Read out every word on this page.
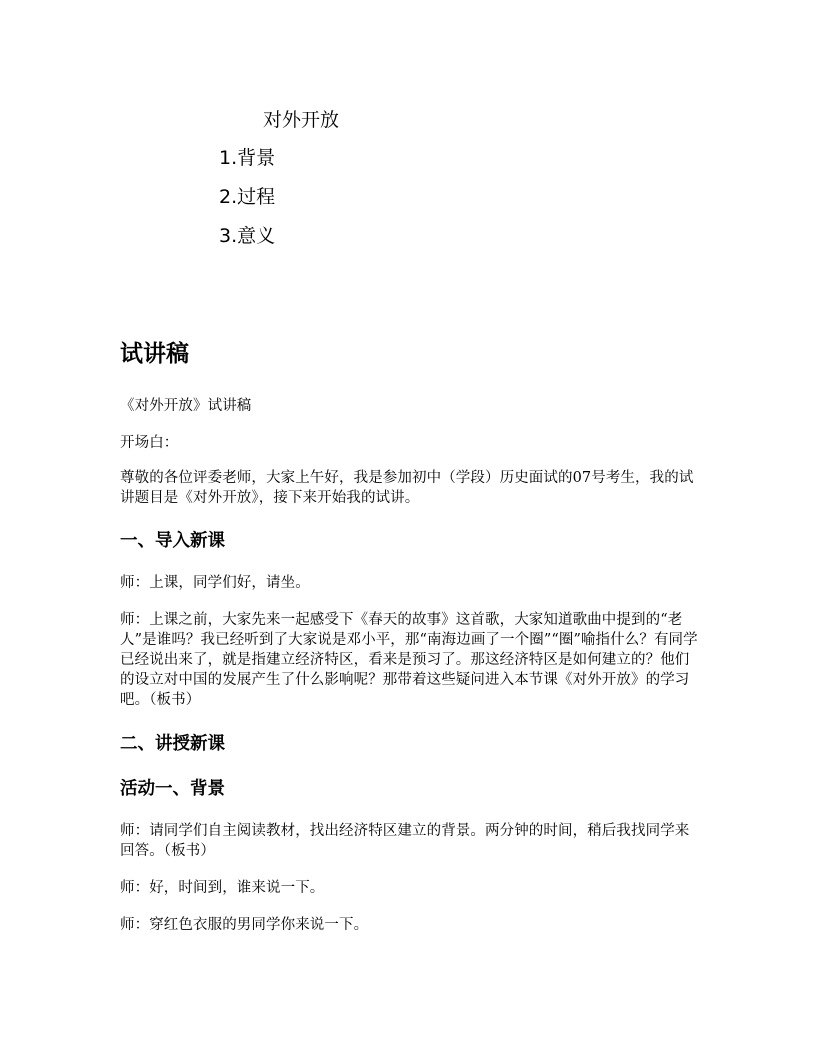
对外开放
1.背景
2.过程
3.意义
试讲稿

《对外开放》试讲稿

开场白：

尊敬的各位评委老师，大家上午好，我是参加初中（学段）历史面试的07号考生，我的试讲题目是《对外开放》，接下来开始我的试讲。

一、导入新课

师：上课，同学们好，请坐。

师：上课之前，大家先来一起感受下《春天的故事》这首歌，大家知道歌曲中提到的“老人”是谁吗？我已经听到了大家说是邓小平，那“南海边画了一个圈”“圈”喻指什么？有同学已经说出来了，就是指建立经济特区，看来是预习了。那这经济特区是如何建立的？他们的设立对中国的发展产生了什么影响呢？那带着这些疑问进入本节课《对外开放》的学习吧。（板书）

二、讲授新课
活动一、背景

师：请同学们自主阅读教材，找出经济特区建立的背景。两分钟的时间，稍后我找同学来回答。（板书）

师：好，时间到，谁来说一下。

师：穿红色衣服的男同学你来说一下。
